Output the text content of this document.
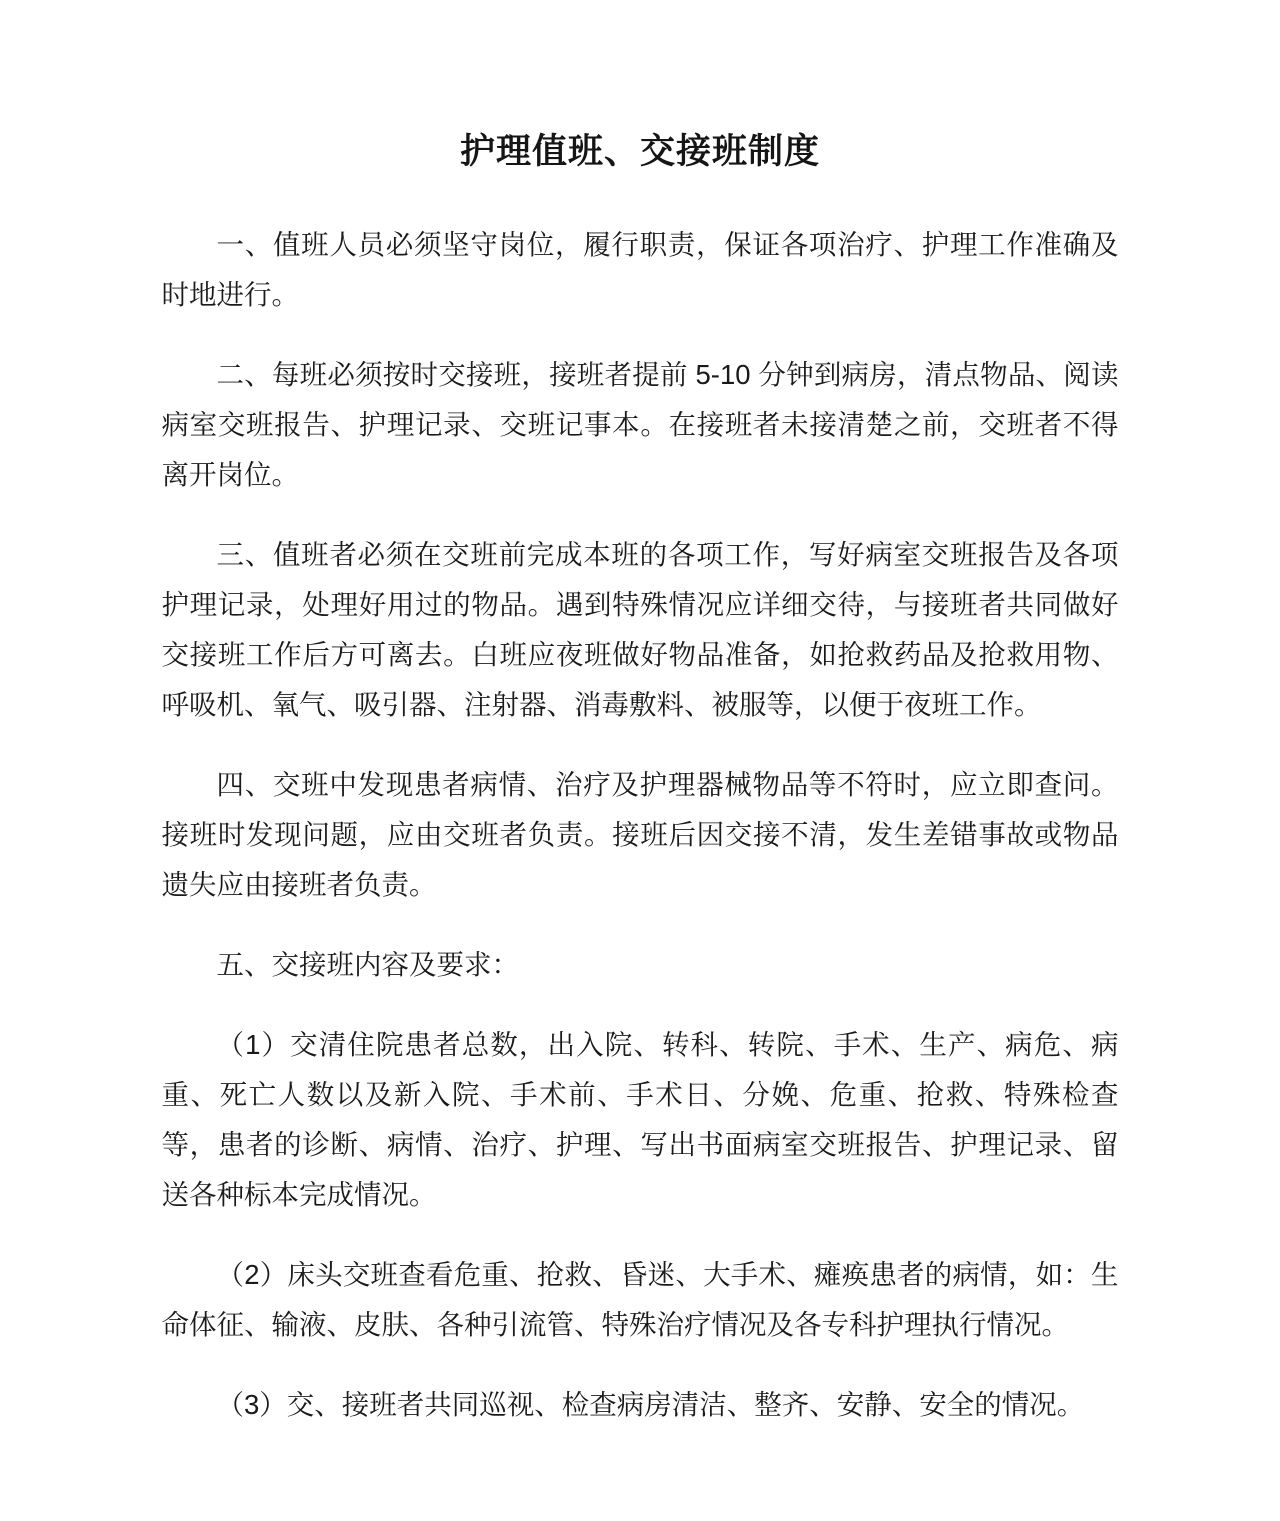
护理值班、交接班制度

一、值班人员必须坚守岗位，履行职责，保证各项治疗、护理工作准确及时地进行。

二、每班必须按时交接班，接班者提前 5-10 分钟到病房，清点物品、阅读病室交班报告、护理记录、交班记事本。在接班者未接清楚之前，交班者不得离开岗位。

三、值班者必须在交班前完成本班的各项工作，写好病室交班报告及各项护理记录，处理好用过的物品。遇到特殊情况应详细交待，与接班者共同做好交接班工作后方可离去。白班应夜班做好物品准备，如抢救药品及抢救用物、呼吸机、氧气、吸引器、注射器、消毒敷料、被服等，以便于夜班工作。

四、交班中发现患者病情、治疗及护理器械物品等不符时，应立即查问。接班时发现问题，应由交班者负责。接班后因交接不清，发生差错事故或物品遗失应由接班者负责。

五、交接班内容及要求：

（1）交清住院患者总数，出入院、转科、转院、手术、生产、病危、病重、死亡人数以及新入院、手术前、手术日、分娩、危重、抢救、特殊检查等，患者的诊断、病情、治疗、护理、写出书面病室交班报告、护理记录、留送各种标本完成情况。

（2）床头交班查看危重、抢救、昏迷、大手术、瘫痪患者的病情，如：生命体征、输液、皮肤、各种引流管、特殊治疗情况及各专科护理执行情况。

（3）交、接班者共同巡视、检查病房清洁、整齐、安静、安全的情况。
